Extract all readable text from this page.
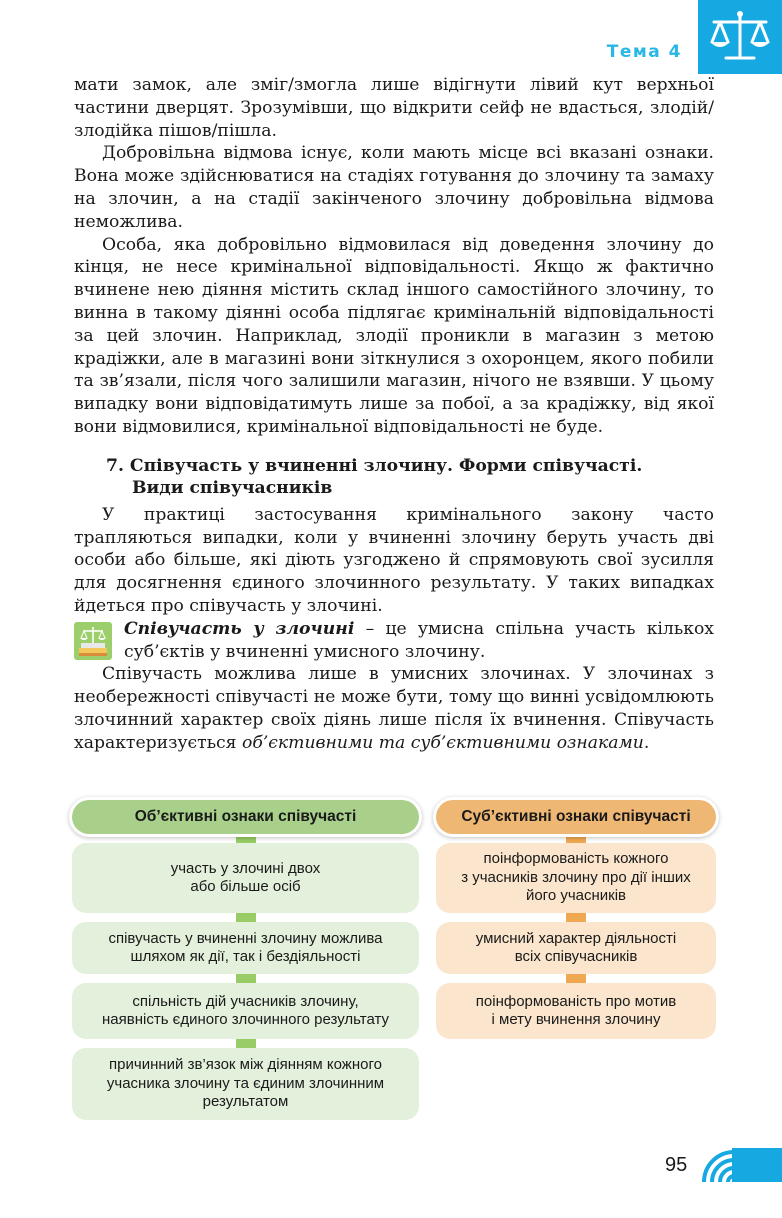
Тема 4

мати замок, але зміг/змогла лише відігнути лівий кут верхньої частини дверцят. Зрозумівши, що відкрити сейф не вдасться, злодій/злодійка пішов/пішла.

Добровільна відмова існує, коли мають місце всі вказані ознаки. Вона може здійснюватися на стадіях готування до злочину та замаху на злочин, а на стадії закінченого злочину добровільна відмова неможлива.

Особа, яка добровільно відмовилася від доведення злочину до кінця, не несе кримінальної відповідальності. Якщо ж фактично вчинене нею діяння містить склад іншого самостійного злочину, то винна в такому діянні особа підлягає кримінальній відповідальності за цей злочин. Наприклад, злодії проникли в магазин з метою крадіжки, але в магазині вони зіткнулися з охоронцем, якого побили та зв’язали, після чого залишили магазин, нічого не взявши. У цьому випадку вони відповідатимуть лише за побої, а за крадіжку, від якої вони відмовилися, кримінальної відповідальності не буде.

7. Співучасть у вчиненні злочину. Форми співучасті.
Види співучасників

У практиці застосування кримінального закону часто трапляються випадки, коли у вчиненні злочину беруть участь дві особи або більше, які діють узгоджено й спрямовують свої зусилля для досягнення єдиного злочинного результату. У таких випадках йдеться про співучасть у злочині.

Співучасть у злочині – це умисна спільна участь кількох суб’єктів у вчиненні умисного злочину.

Співучасть можлива лише в умисних злочинах. У злочинах з необережності співучасті не може бути, тому що винні усвідомлюють злочинний характер своїх діянь лише після їх вчинення. Співучасть характеризується об’єктивними та суб’єктивними ознаками.

Об’єктивні ознаки співучасті
участь у злочині двох
або більше осіб
співучасть у вчиненні злочину можлива
шляхом як дії, так і бездіяльності
спільність дій учасників злочину,
наявність єдиного злочинного результату
причинний зв’язок між діянням кожного
учасника злочину та єдиним злочинним
результатом
Суб’єктивні ознаки співучасті
поінформованість кожного
з учасників злочину про дії інших
його учасників
умисний характер діяльності
всіх співучасників
поінформованість про мотив
і мету вчинення злочину
95
